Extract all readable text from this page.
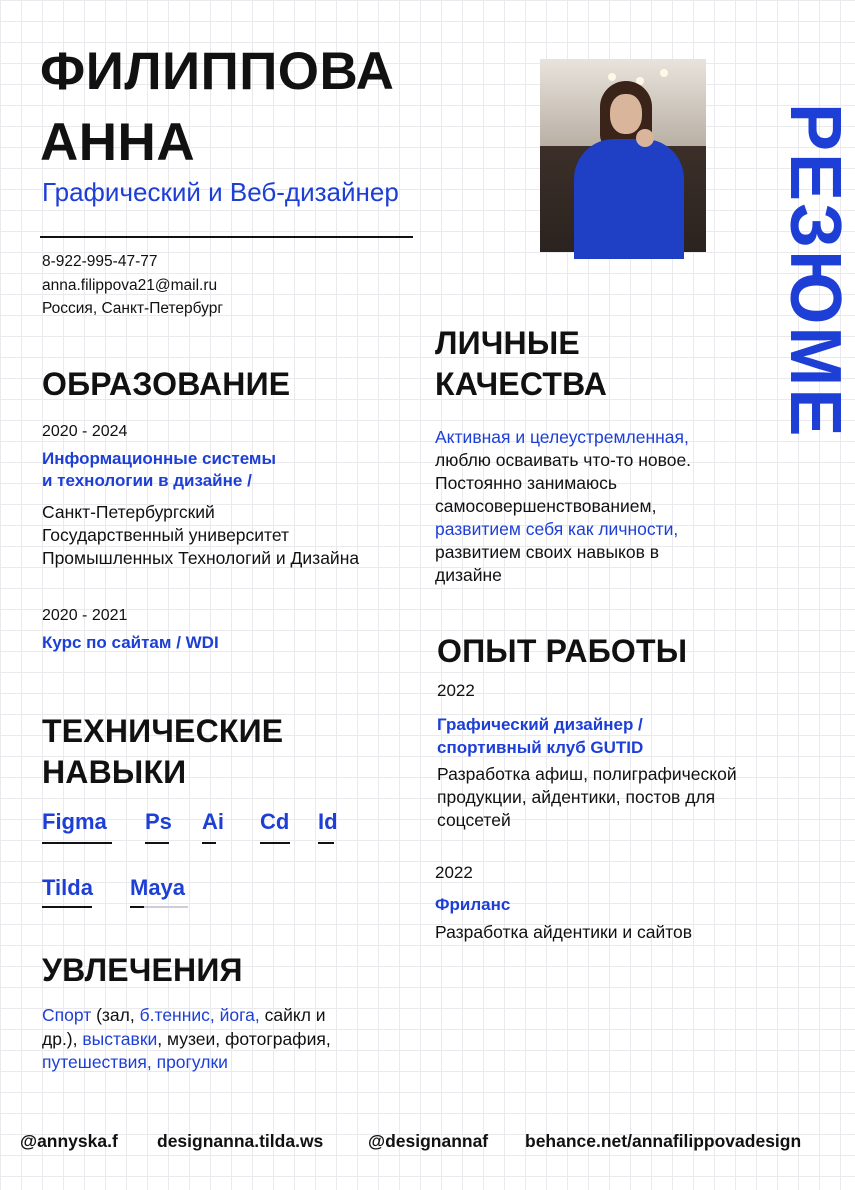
ФИЛИППОВА
АННА
Графический и Веб-дизайнер
8-922-995-47-77
anna.filippova21@mail.ru
Россия, Санкт-Петербург	РЕЗЮМЕ
ОБРАЗОВАНИЕ
2020 - 2024
Информационные системы
и технологии в дизайне /
Санкт-Петербургский
Государственный университет
Промышленных Технологий и Дизайна
2020 - 2021
Курс по сайтам / WDI
ТЕХНИЧЕСКИЕ
НАВЫКИ
Figma Ps Ai Cd Id
Tilda Maya
УВЛЕЧЕНИЯ
Спорт (зал, б.теннис, йога, сайкл и
др.), выставки, музеи, фотография,
путешествия, прогулки
ЛИЧНЫЕ
КАЧЕСТВА
Активная и целеустремленная,
люблю осваивать что-то новое.
Постоянно занимаюсь
самосовершенствованием,
развитием себя как личности,
развитием своих навыков в
дизайне
ОПЫТ РАБОТЫ
2022
Графический дизайнер /
спортивный клуб GUTID
Разработка афиш, полиграфической
продукции, айдентики, постов для
соцсетей
2022
Фриланс
Разработка айдентики и сайтов
@annyska.f designanna.tilda.ws	@designannaf behance.net/annafilippovadesign
